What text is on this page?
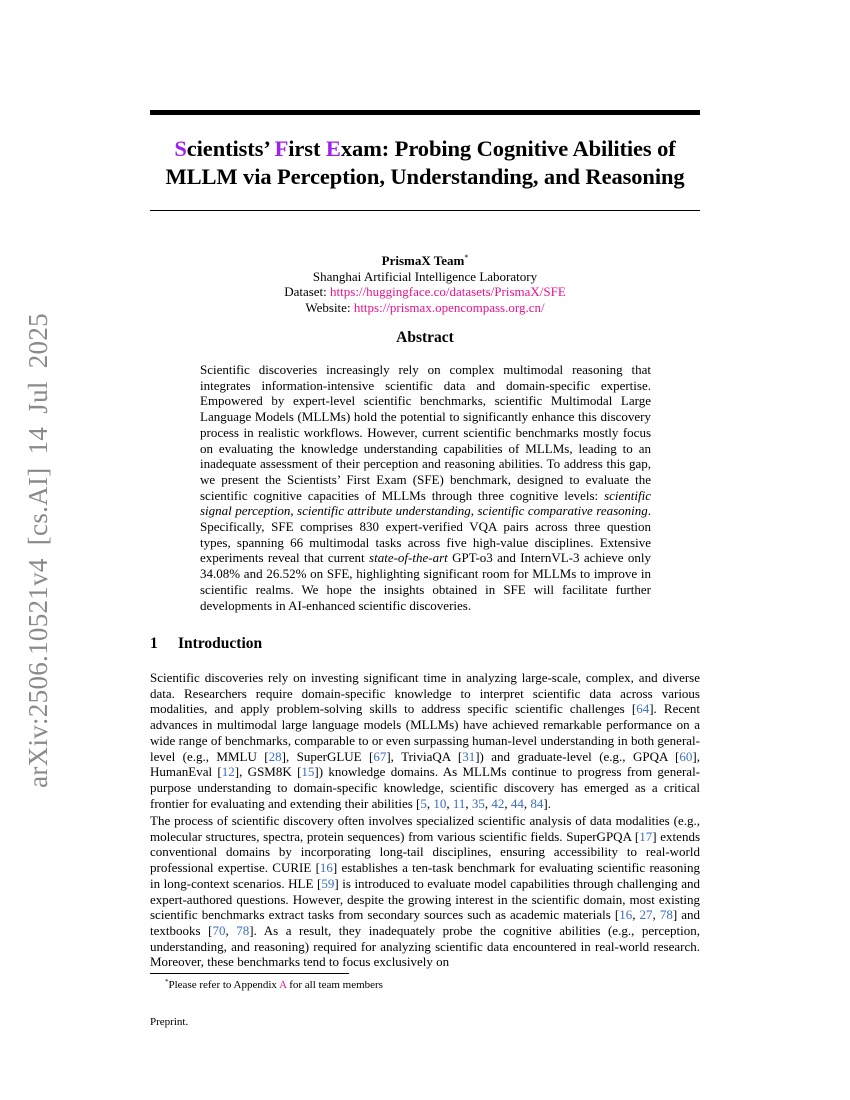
arXiv:2506.10521v4 [cs.AI] 14 Jul 2025
Scientists’ First Exam: Probing Cognitive Abilities of
MLLM via Perception, Understanding, and Reasoning
PrismaX Team*
Shanghai Artificial Intelligence Laboratory
Dataset: https://huggingface.co/datasets/PrismaX/SFE
Website: https://prismax.opencompass.org.cn/
Abstract
Scientific discoveries increasingly rely on complex multimodal reasoning that integrates information-intensive scientific data and domain-specific expertise. Empowered by expert-level scientific benchmarks, scientific Multimodal Large Language Models (MLLMs) hold the potential to significantly enhance this discovery process in realistic workflows. However, current scientific benchmarks mostly focus on evaluating the knowledge understanding capabilities of MLLMs, leading to an inadequate assessment of their perception and reasoning abilities. To address this gap, we present the Scientists’ First Exam (SFE) benchmark, designed to evaluate the scientific cognitive capacities of MLLMs through three cognitive levels: scientific signal perception, scientific attribute understanding, scientific comparative reasoning. Specifically, SFE comprises 830 expert-verified VQA pairs across three question types, spanning 66 multimodal tasks across five high-value disciplines. Extensive experiments reveal that current state-of-the-art GPT-o3 and InternVL-3 achieve only 34.08% and 26.52% on SFE, highlighting significant room for MLLMs to improve in scientific realms. We hope the insights obtained in SFE will facilitate further developments in AI-enhanced scientific discoveries.
1 Introduction
Scientific discoveries rely on investing significant time in analyzing large-scale, complex, and diverse data. Researchers require domain-specific knowledge to interpret scientific data across various modalities, and apply problem-solving skills to address specific scientific challenges [64]. Recent advances in multimodal large language models (MLLMs) have achieved remarkable performance on a wide range of benchmarks, comparable to or even surpassing human-level understanding in both general-level (e.g., MMLU [28], SuperGLUE [67], TriviaQA [31]) and graduate-level (e.g., GPQA [60], HumanEval [12], GSM8K [15]) knowledge domains. As MLLMs continue to progress from general-purpose understanding to domain-specific knowledge, scientific discovery has emerged as a critical frontier for evaluating and extending their abilities [5, 10, 11, 35, 42, 44, 84].
The process of scientific discovery often involves specialized scientific analysis of data modalities (e.g., molecular structures, spectra, protein sequences) from various scientific fields. SuperGPQA [17] extends conventional domains by incorporating long-tail disciplines, ensuring accessibility to real-world professional expertise. CURIE [16] establishes a ten-task benchmark for evaluating scientific reasoning in long-context scenarios. HLE [59] is introduced to evaluate model capabilities through challenging and expert-authored questions. However, despite the growing interest in the scientific domain, most existing scientific benchmarks extract tasks from secondary sources such as academic materials [16, 27, 78] and textbooks [70, 78]. As a result, they inadequately probe the cognitive abilities (e.g., perception, understanding, and reasoning) required for analyzing scientific data encountered in real-world research. Moreover, these benchmarks tend to focus exclusively on
*Please refer to Appendix A for all team members
Preprint.
